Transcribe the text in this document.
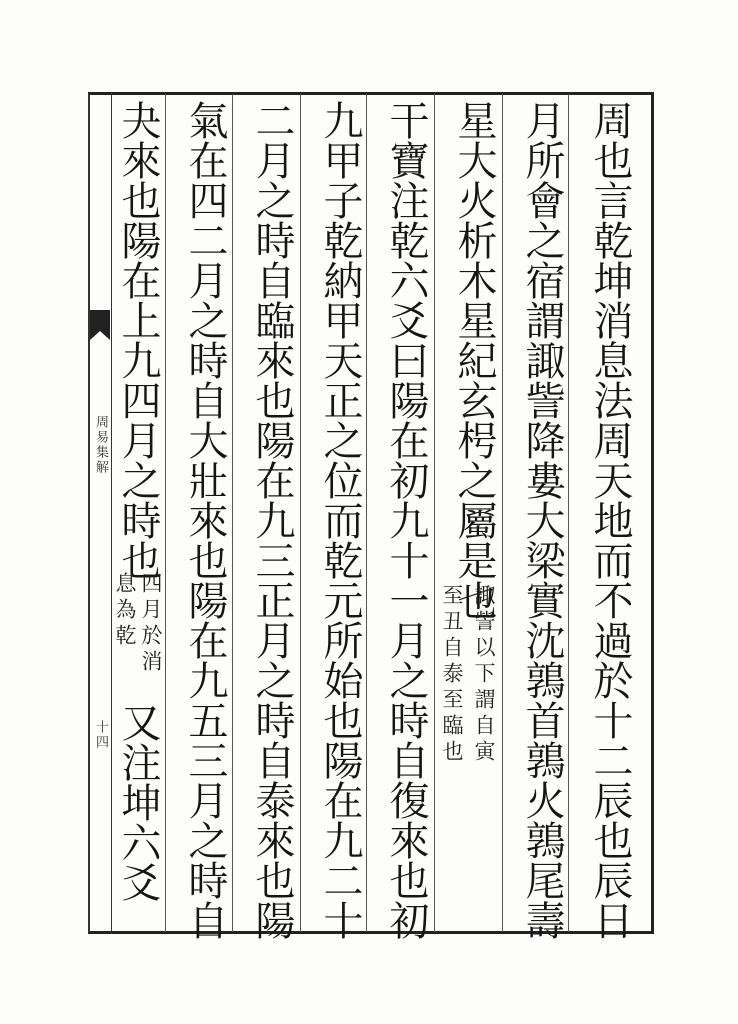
周易集解
十四	周也言乾坤消息法周天地而不過於十二辰也辰日
月所會之宿謂諏訾降婁大梁實沈鶉首鶉火鶉尾壽
星大火析木星紀玄枵之屬是也
諏訾以下謂自寅
至丑自泰至臨也
干寶注乾六爻曰陽在初九十一月之時自復來也初
九甲子乾納甲天正之位而乾元所始也陽在九二十
二月之時自臨來也陽在九三正月之時自泰來也陽
氣在四二月之時自大壯來也陽在九五三月之時自
夬來也陽在上九四月之時也
四月於消
息為乾
又注坤六爻
